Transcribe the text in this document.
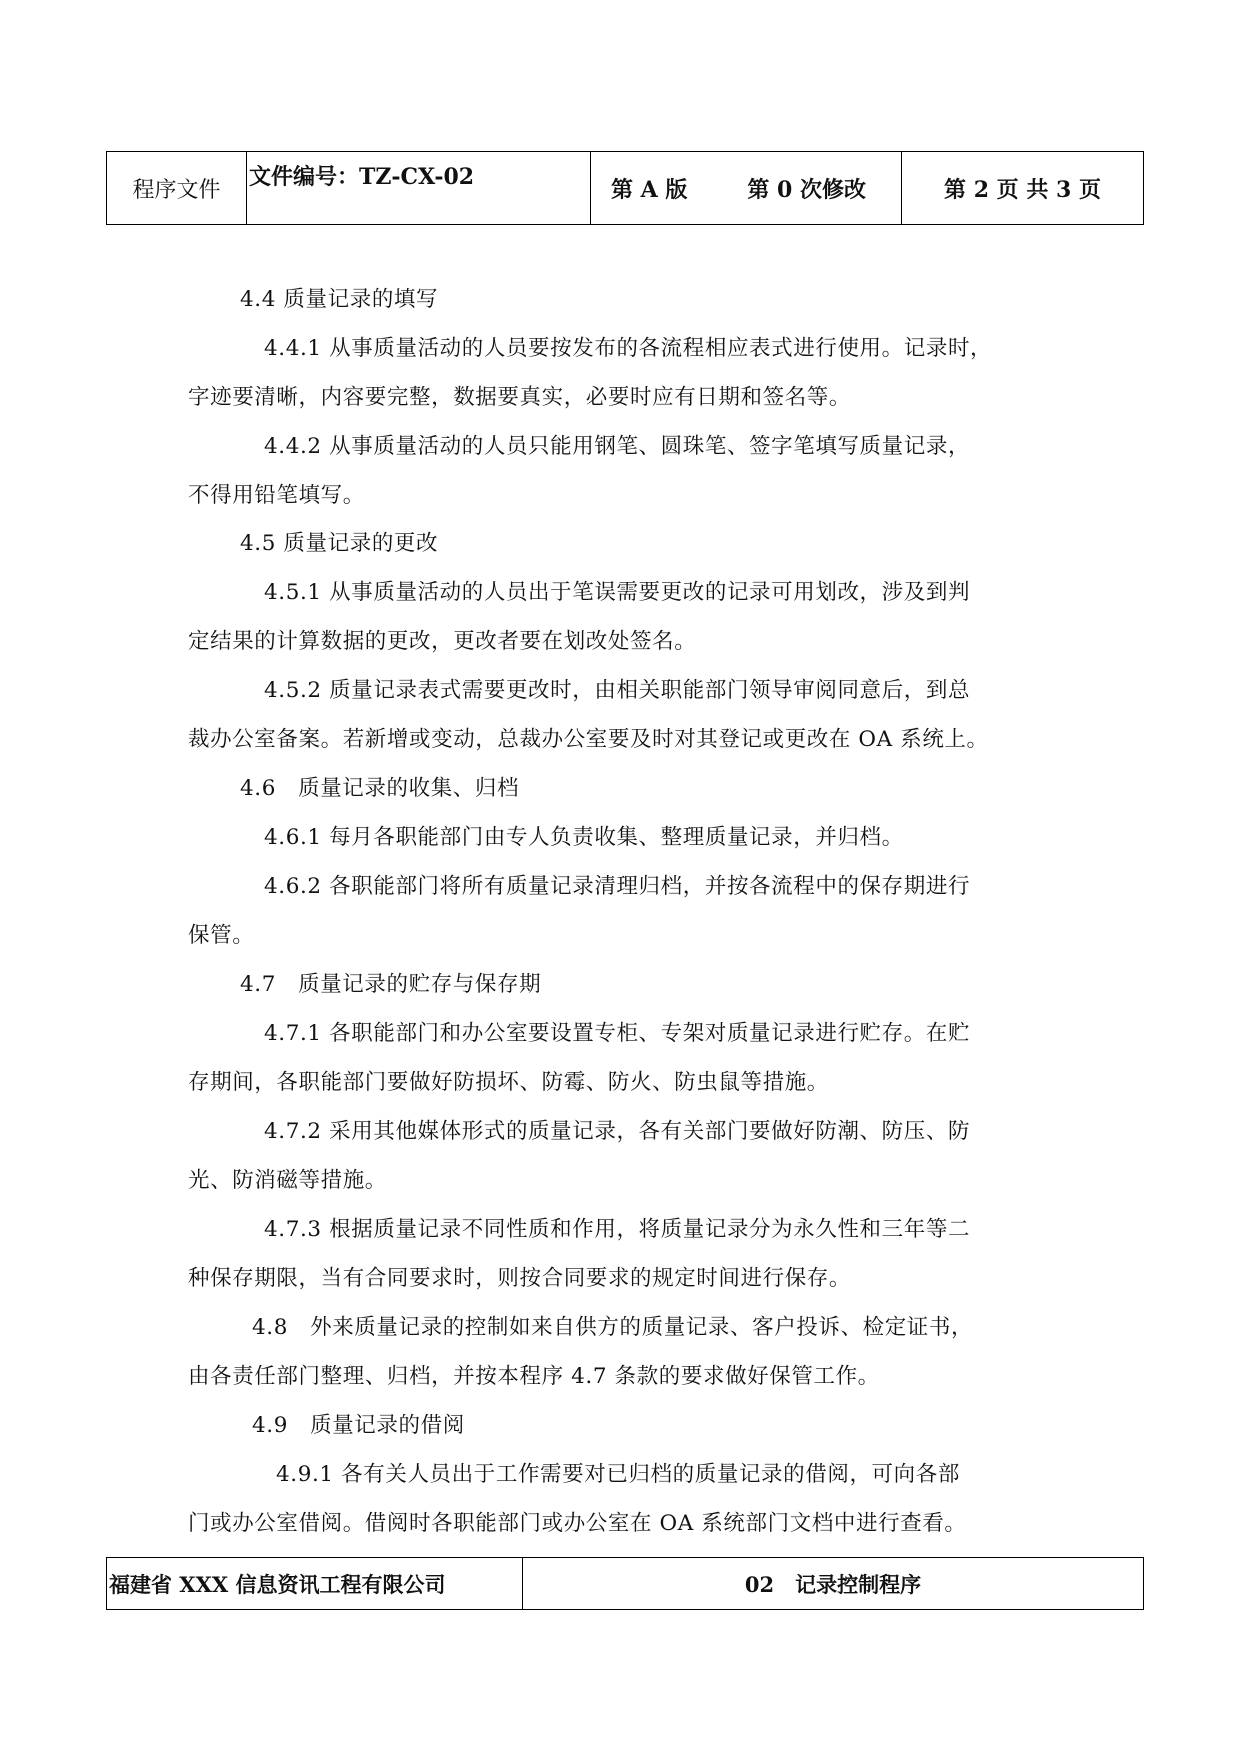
程序文件	文件编号：TZ-CX-02	第 A 版	第 0 次修改	第 2 页 共 3 页
4.4 质量记录的填写
4.4.1 从事质量活动的人员要按发布的各流程相应表式进行使用。记录时，
字迹要清晰，内容要完整，数据要真实，必要时应有日期和签名等。
4.4.2 从事质量活动的人员只能用钢笔、圆珠笔、签字笔填写质量记录，
不得用铅笔填写。
4.5 质量记录的更改
4.5.1 从事质量活动的人员出于笔误需要更改的记录可用划改，涉及到判
定结果的计算数据的更改，更改者要在划改处签名。
4.5.2 质量记录表式需要更改时，由相关职能部门领导审阅同意后，到总
裁办公室备案。若新增或变动，总裁办公室要及时对其登记或更改在 OA 系统上。
4.6　质量记录的收集、归档
4.6.1 每月各职能部门由专人负责收集、整理质量记录，并归档。
4.6.2 各职能部门将所有质量记录清理归档，并按各流程中的保存期进行
保管。
4.7　质量记录的贮存与保存期
4.7.1 各职能部门和办公室要设置专柜、专架对质量记录进行贮存。在贮
存期间，各职能部门要做好防损坏、防霉、防火、防虫鼠等措施。
4.7.2 采用其他媒体形式的质量记录，各有关部门要做好防潮、防压、防
光、防消磁等措施。
4.7.3 根据质量记录不同性质和作用，将质量记录分为永久性和三年等二
种保存期限，当有合同要求时，则按合同要求的规定时间进行保存。
4.8　外来质量记录的控制如来自供方的质量记录、客户投诉、检定证书，
由各责任部门整理、归档，并按本程序 4.7 条款的要求做好保管工作。
4.9　质量记录的借阅
4.9.1 各有关人员出于工作需要对已归档的质量记录的借阅，可向各部
门或办公室借阅。借阅时各职能部门或办公室在 OA 系统部门文档中进行查看。
福建省 XXX 信息资讯工程有限公司	02　记录控制程序
